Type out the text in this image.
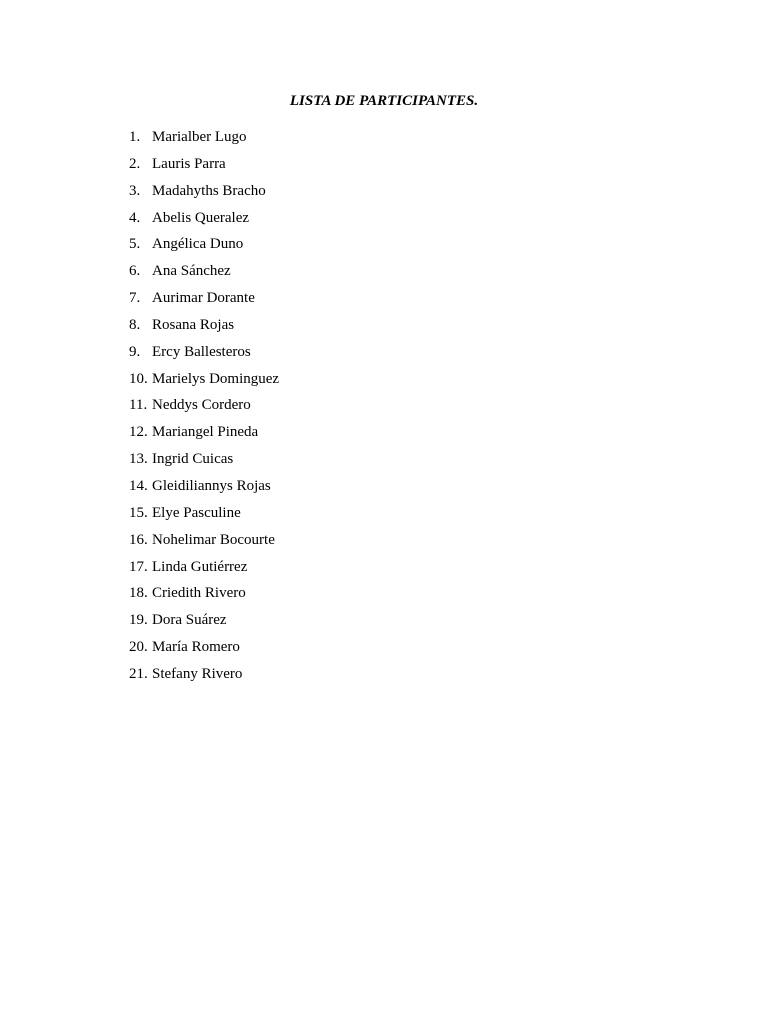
LISTA DE PARTICIPANTES.
1. Marialber Lugo
2. Lauris Parra
3. Madahyths Bracho
4. Abelis Queralez
5. Angélica Duno
6. Ana Sánchez
7. Aurimar Dorante
8. Rosana Rojas
9. Ercy Ballesteros
10. Marielys Dominguez
11. Neddys Cordero
12. Mariangel Pineda
13. Ingrid Cuicas
14. Gleidiliannys Rojas
15. Elye Pasculine
16. Nohelimar Bocourte
17. Linda Gutiérrez
18. Criedith Rivero
19. Dora Suárez
20. María Romero
21. Stefany Rivero
